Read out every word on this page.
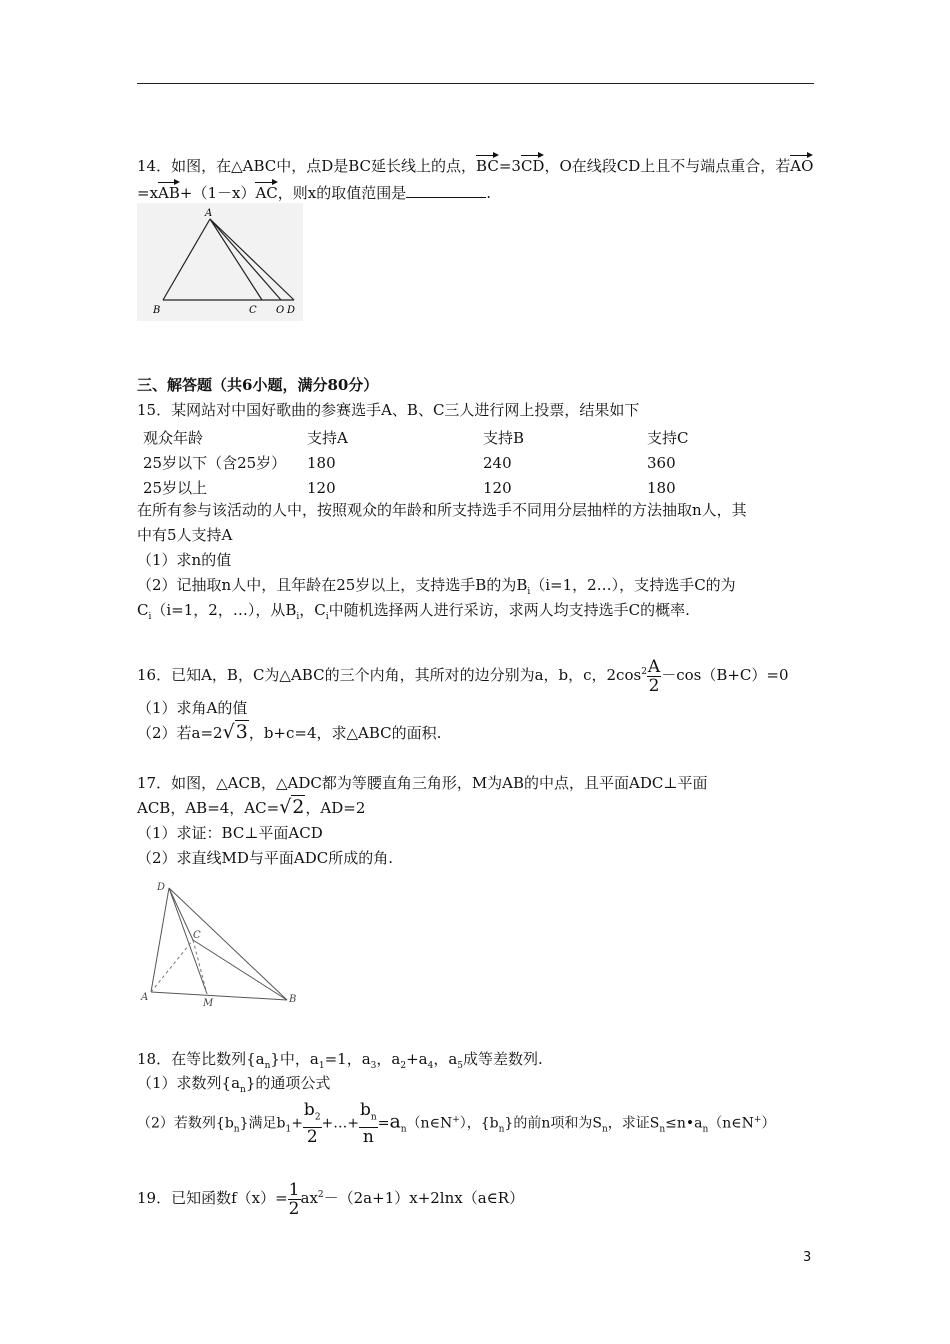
14．如图，在△ABC中，点D是BC延长线上的点，BC=3CD，O在线段CD上且不与端点重合，若AO
=xAB+（1－x）AC，则x的取值范围是	.
A
B	C O D
三、解答题（共6小题，满分80分）
15．某网站对中国好歌曲的参赛选手A、B、C三人进行网上投票，结果如下
观众年龄	支持A	支持B	支持C
25岁以下（含25岁）	180	240	360
25岁以上	120	120	180
在所有参与该活动的人中，按照观众的年龄和所支持选手不同用分层抽样的方法抽取n人，其
中有5人支持A
（1）求n的值
（2）记抽取n人中，且年龄在25岁以上，支持选手B的为$B_i(i=1$，2…），支持选手C的为
$C_i(i=1$，2，…），从$B_i$，$C_i$中随机选择两人进行采访，求两人均支持选手C的概率.
16．已知A，B，C为△ABC的三个内角，其所对的边分别为a，b，c，$2\cos^2 \frac{A}{2} -\cos(B+C)=0$
（1）求角A的值
（2）若a=2√3，b+c=4，求△ABC的面积.
17．如图，△ACB，△ADC都为等腰直角三角形，M为AB的中点，且平面ADC⊥平面
ACB，AB=4，AC=√2，AD=2
（1）求证：BC⊥平面ACD
（2）求直线MD与平面ADC所成的角.
D
C
A
M	B
18．在等比数列$\{a_n\}$中，$a_1=1$，$a_3$，$a_2+a_4$，$a_5$成等差数列.
（1）求数列$\{a_n\}$的通项公式
（2）若数列$\{b_n\}$满足$b_1+ \frac{b_2}{2}$ +…+ $\frac{b_n}{n}$ $=a_n(n\in N^+)$，$\{b_n\}$的前n项和为$S_n$，求证$S_n\le n•a_n(n\in N^+)$
19．已知函数$f(x)= \frac{1}{2}$ $ax^2-(2a+1)x+2\ln x(a\in R)$
3
